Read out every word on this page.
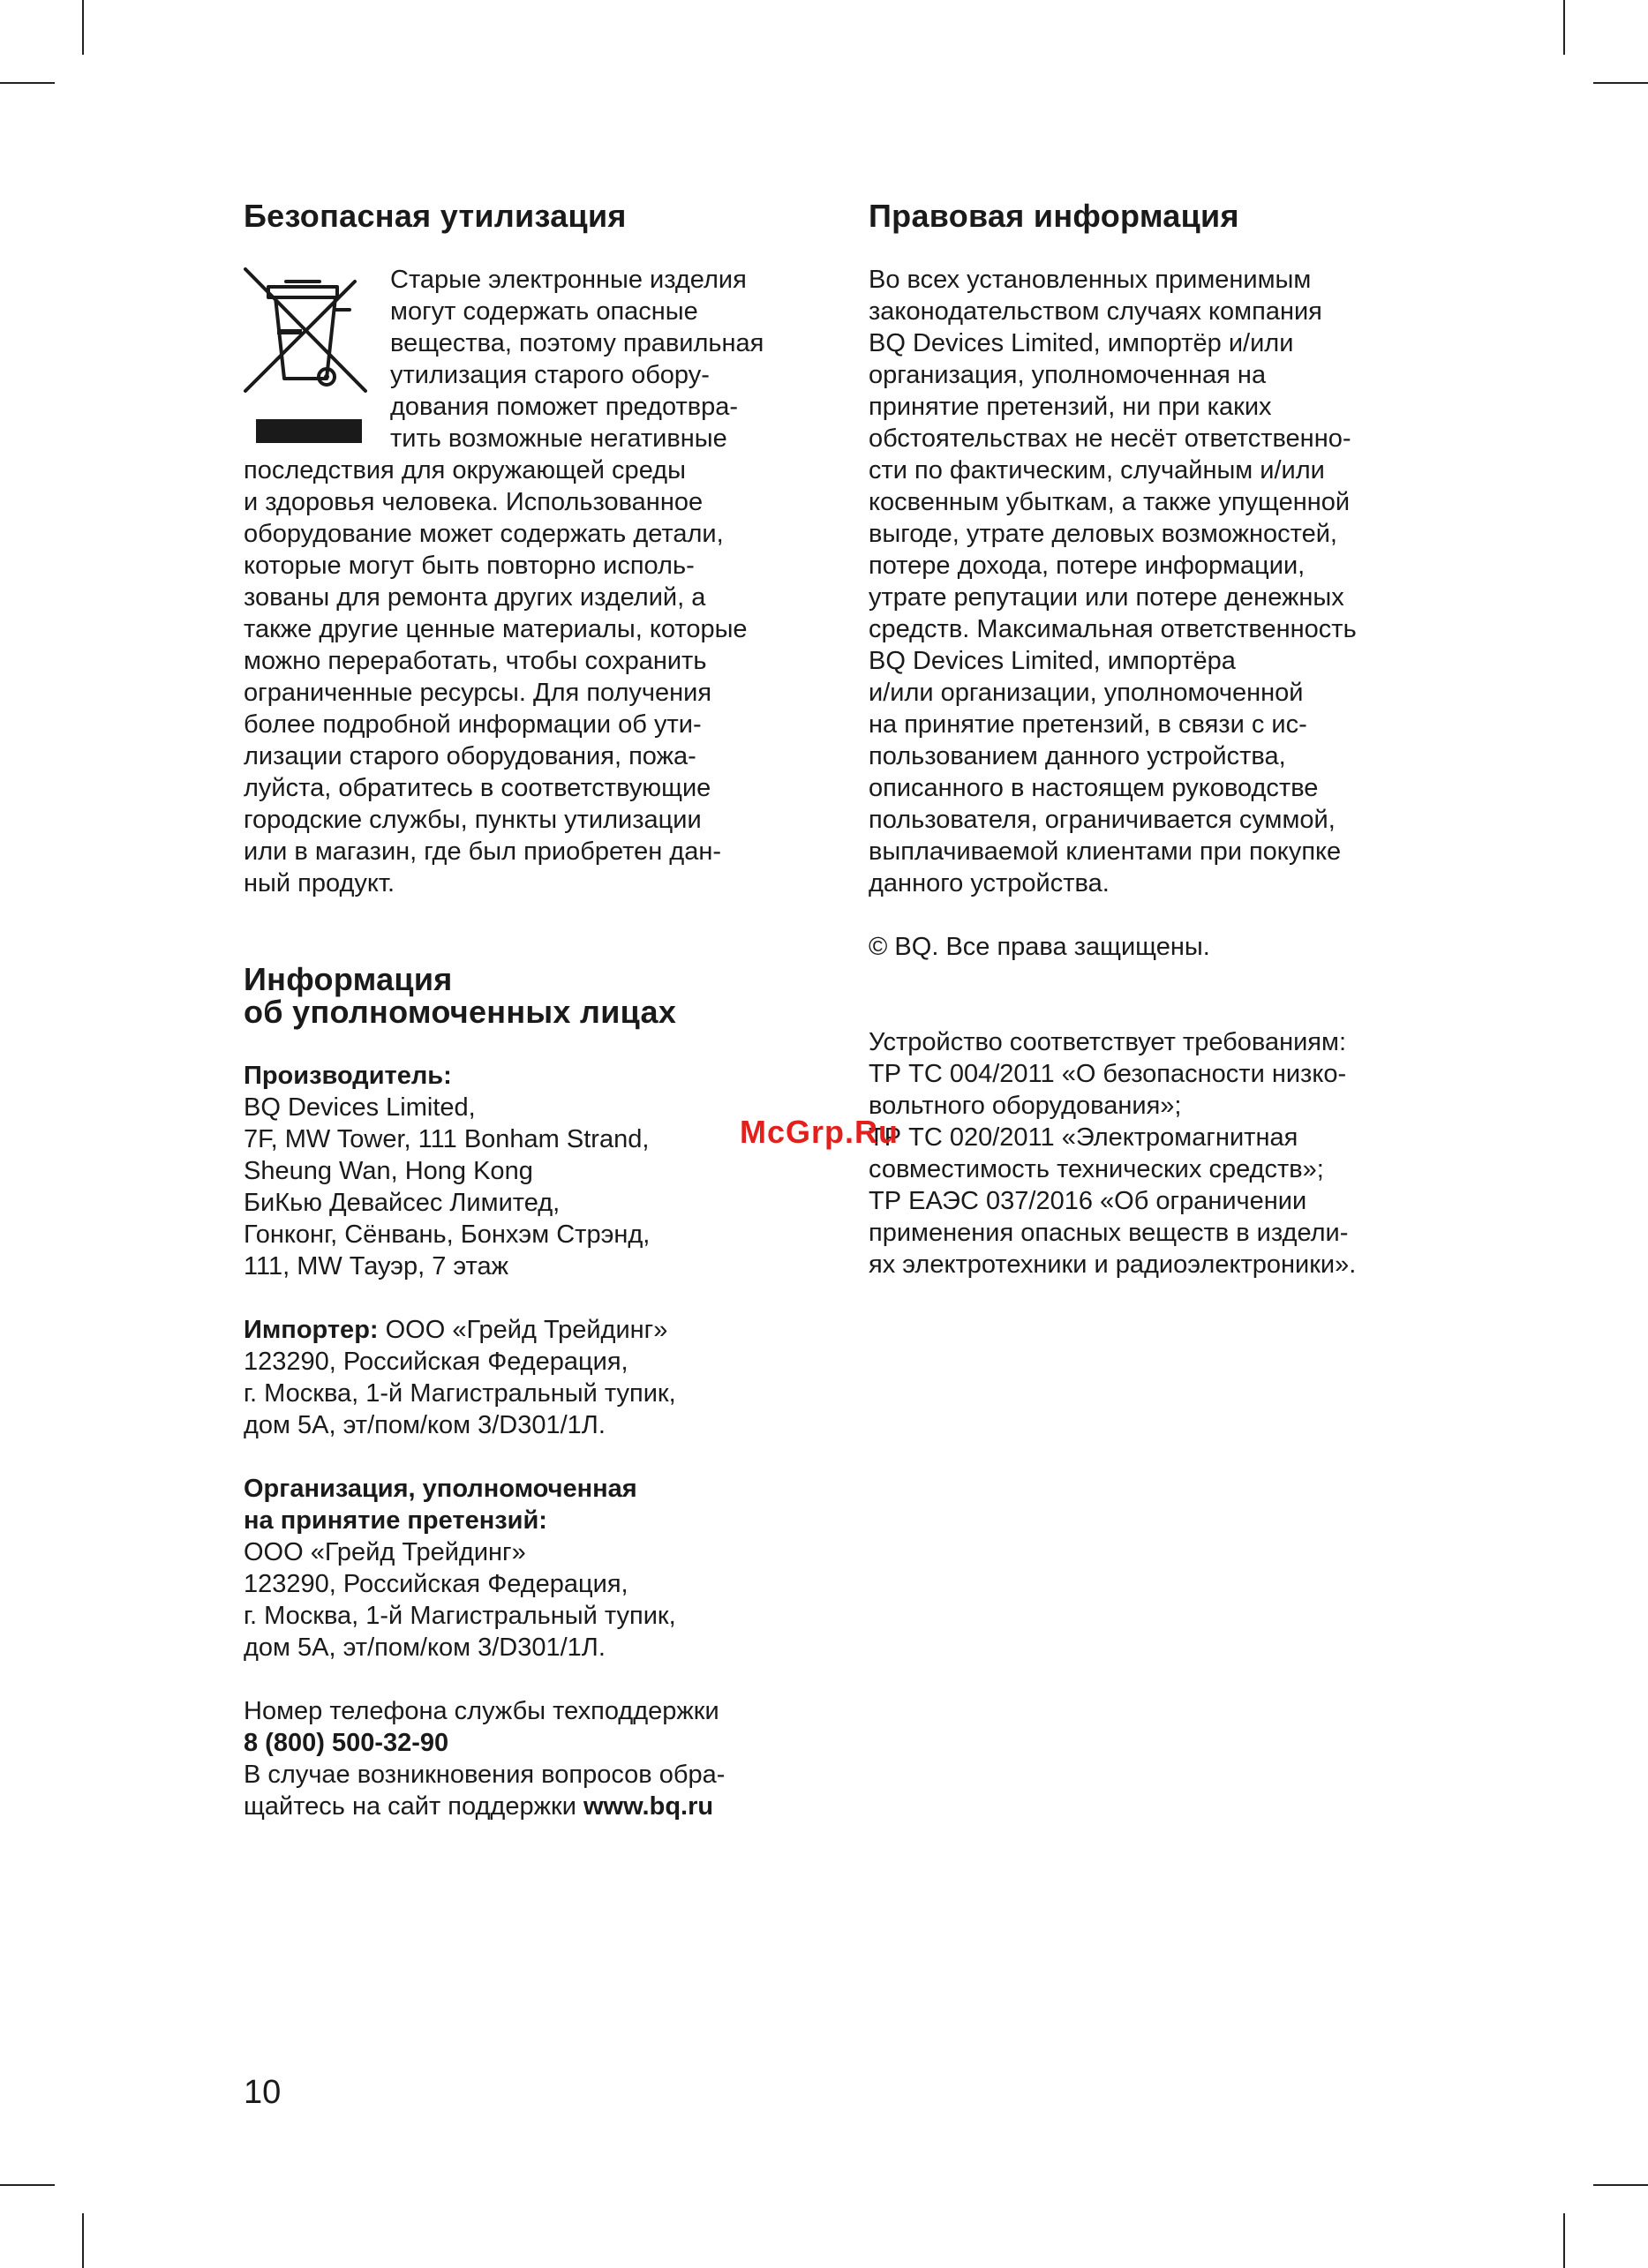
Безопасная утилизация
Старые электронные изделия
могут содержать опасные
вещества, поэтому правильная
утилизация старого обору-
дования поможет предотвра-
тить возможные негативные
последствия для окружающей среды
и здоровья человека. Использованное
оборудование может содержать детали,
которые могут быть повторно исполь-
зованы для ремонта других изделий, а
также другие ценные материалы, которые
можно переработать, чтобы сохранить
ограниченные ресурсы. Для получения
более подробной информации об ути-
лизации старого оборудования, пожа-
луйста, обратитесь в соответствующие
городские службы, пункты утилизации
или в магазин, где был приобретен дан-
ный продукт.
Информация
об уполномоченных лицах
Производитель:
BQ Devices Limited,
7F, MW Tower, 111 Bonham Strand,
Sheung Wan, Hong Kong
БиКью Девайсес Лимитед,
Гонконг, Сёнвань, Бонхэм Стрэнд,
111, MW Тауэр, 7 этаж
Импортер: ООО «Грейд Трейдинг»
123290, Российская Федерация,
г. Москва, 1-й Магистральный тупик,
дом 5А, эт/пом/ком 3/D301/1Л.
Организация, уполномоченная
на принятие претензий:
ООО «Грейд Трейдинг»
123290, Российская Федерация,
г. Москва, 1-й Магистральный тупик,
дом 5А, эт/пом/ком 3/D301/1Л.
Номер телефона службы техподдержки
8 (800) 500-32-90
В случае возникновения вопросов обра-
щайтесь на сайт поддержки www.bq.ru
Правовая информация
Во всех установленных применимым
законодательством случаях компания
BQ Devices Limited, импортёр и/или
организация, уполномоченная на
принятие претензий, ни при каких
обстоятельствах не несёт ответственно-
сти по фактическим, случайным и/или
косвенным убыткам, а также упущенной
выгоде, утрате деловых возможностей,
потере дохода, потере информации,
утрате репутации или потере денежных
средств. Максимальная ответственность
BQ Devices Limited, импортёра
и/или организации, уполномоченной
на принятие претензий, в связи с ис-
пользованием данного устройства,
описанного в настоящем руководстве
пользователя, ограничивается суммой,
выплачиваемой клиентами при покупке
данного устройства.
© BQ. Все права защищены.
Устройство соответствует требованиям:
ТР ТС 004/2011 «О безопасности низко-
вольтного оборудования»;
ТР ТС 020/2011 «Электромагнитная
совместимость технических средств»;
ТР ЕАЭС 037/2016 «Об ограничении
применения опасных веществ в издели-
ях электротехники и радиоэлектроники».
McGrp.Ru
10
